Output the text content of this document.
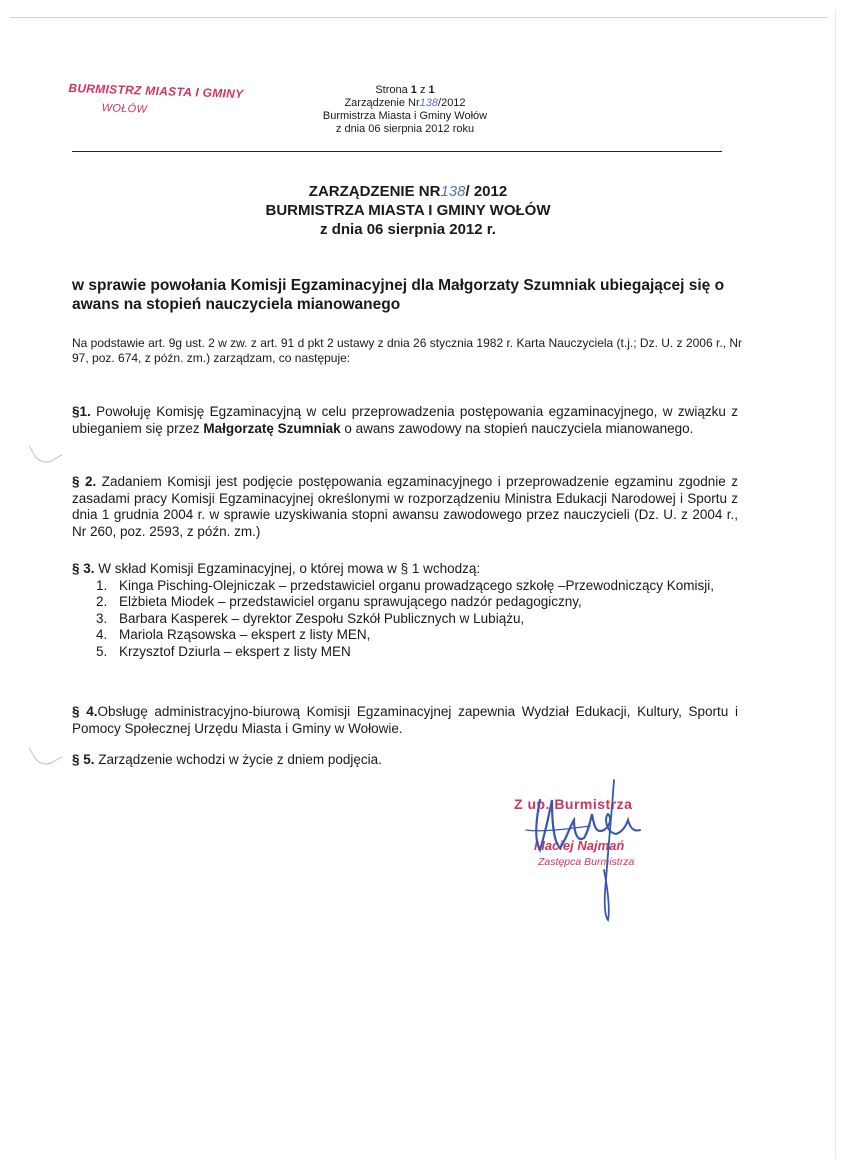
BURMISTRZ MIASTA I GMINY
WOŁÓW
Strona 1 z 1
Zarządzenie Nr138/2012
Burmistrza Miasta i Gminy Wołów
z dnia 06 sierpnia 2012 roku
ZARZĄDZENIE NR138/ 2012
BURMISTRZA MIASTA I GMINY WOŁÓW
z dnia 06 sierpnia 2012 r.
w sprawie powołania Komisji Egzaminacyjnej dla Małgorzaty Szumniak ubiegającej się o awans na stopień nauczyciela mianowanego
Na podstawie art. 9g ust. 2 w zw. z art. 91 d pkt 2 ustawy z dnia 26 stycznia 1982 r. Karta Nauczyciela (t.j.; Dz. U. z 2006 r., Nr 97, poz. 674, z późn. zm.) zarządzam, co następuje:
§1. Powołuję Komisję Egzaminacyjną w celu przeprowadzenia postępowania egzaminacyjnego, w związku z ubieganiem się przez Małgorzatę Szumniak o awans zawodowy na stopień nauczyciela mianowanego.
§ 2. Zadaniem Komisji jest podjęcie postępowania egzaminacyjnego i przeprowadzenie egzaminu zgodnie z zasadami pracy Komisji Egzaminacyjnej określonymi w rozporządzeniu Ministra Edukacji Narodowej i Sportu z dnia 1 grudnia 2004 r. w sprawie uzyskiwania stopni awansu zawodowego przez nauczycieli (Dz. U. z 2004 r., Nr 260, poz. 2593, z późn. zm.)
§ 3. W skład Komisji Egzaminacyjnej, o której mowa w § 1 wchodzą:
1. Kinga Pisching-Olejniczak – przedstawiciel organu prowadzącego szkołę –Przewodniczący Komisji,
2. Elżbieta Miodek – przedstawiciel organu sprawującego nadzór pedagogiczny,
3. Barbara Kasperek – dyrektor Zespołu Szkół Publicznych w Lubiążu,
4. Mariola Rząsowska – ekspert z listy MEN,
5. Krzysztof Dziurla – ekspert z listy MEN
§ 4.Obsługę administracyjno-biurową Komisji Egzaminacyjnej zapewnia Wydział Edukacji, Kultury, Sportu i Pomocy Społecznej Urzędu Miasta i Gminy w Wołowie.
§ 5. Zarządzenie wchodzi w życie z dniem podjęcia.
Z up. Burmistrza
Maciej Najmań
Zastępca Burmistrza
